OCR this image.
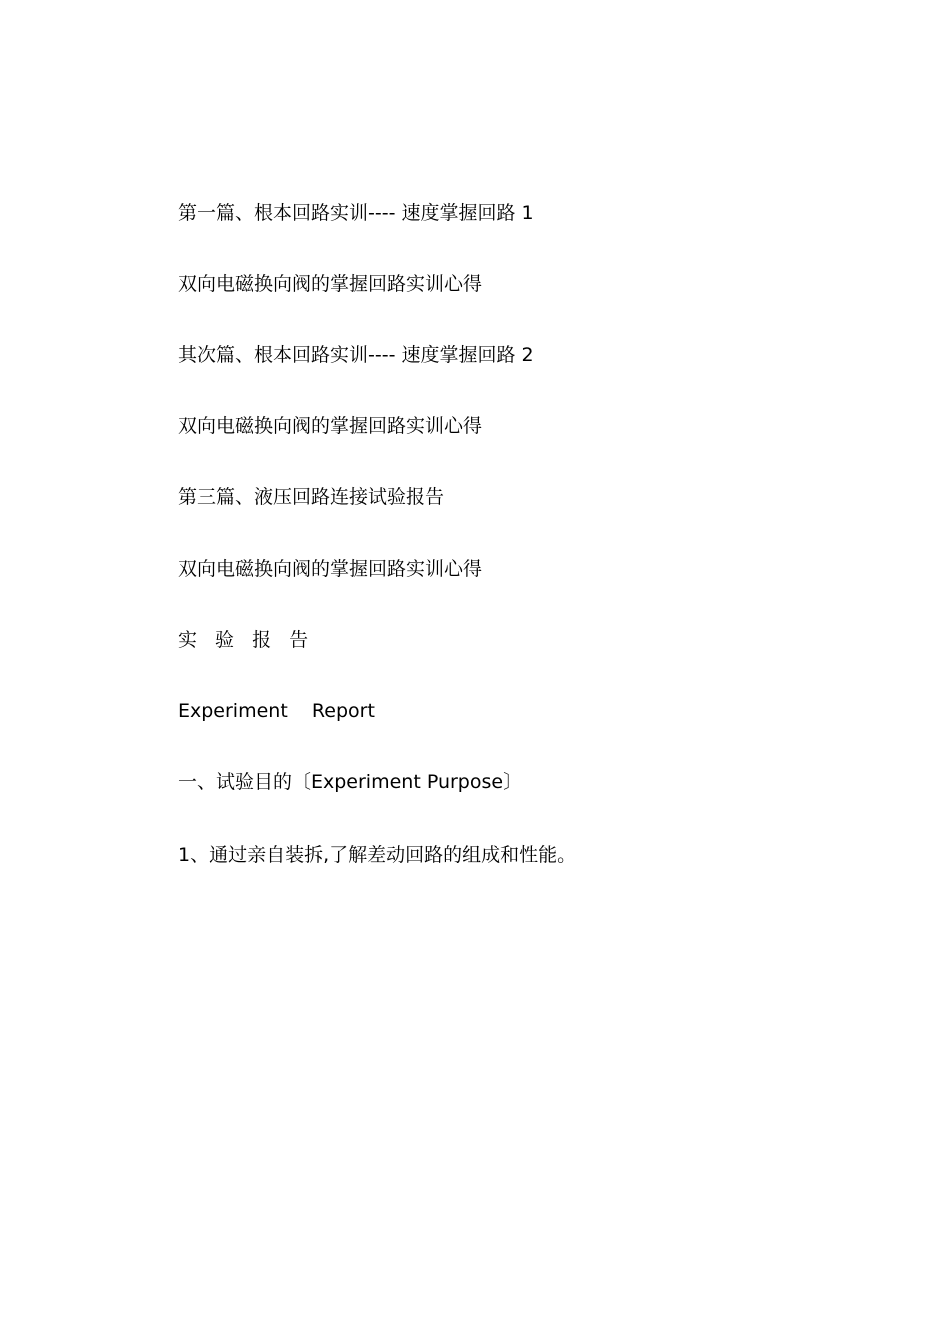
第一篇、根本回路实训---- 速度掌握回路 1
双向电磁换向阀的掌握回路实训心得
其次篇、根本回路实训---- 速度掌握回路 2
双向电磁换向阀的掌握回路实训心得
第三篇、液压回路连接试验报告
双向电磁换向阀的掌握回路实训心得
实 验 报 告
Experiment    Report
一、试验目的〔Experiment Purpose〕
1、通过亲自装拆,了解差动回路的组成和性能。
